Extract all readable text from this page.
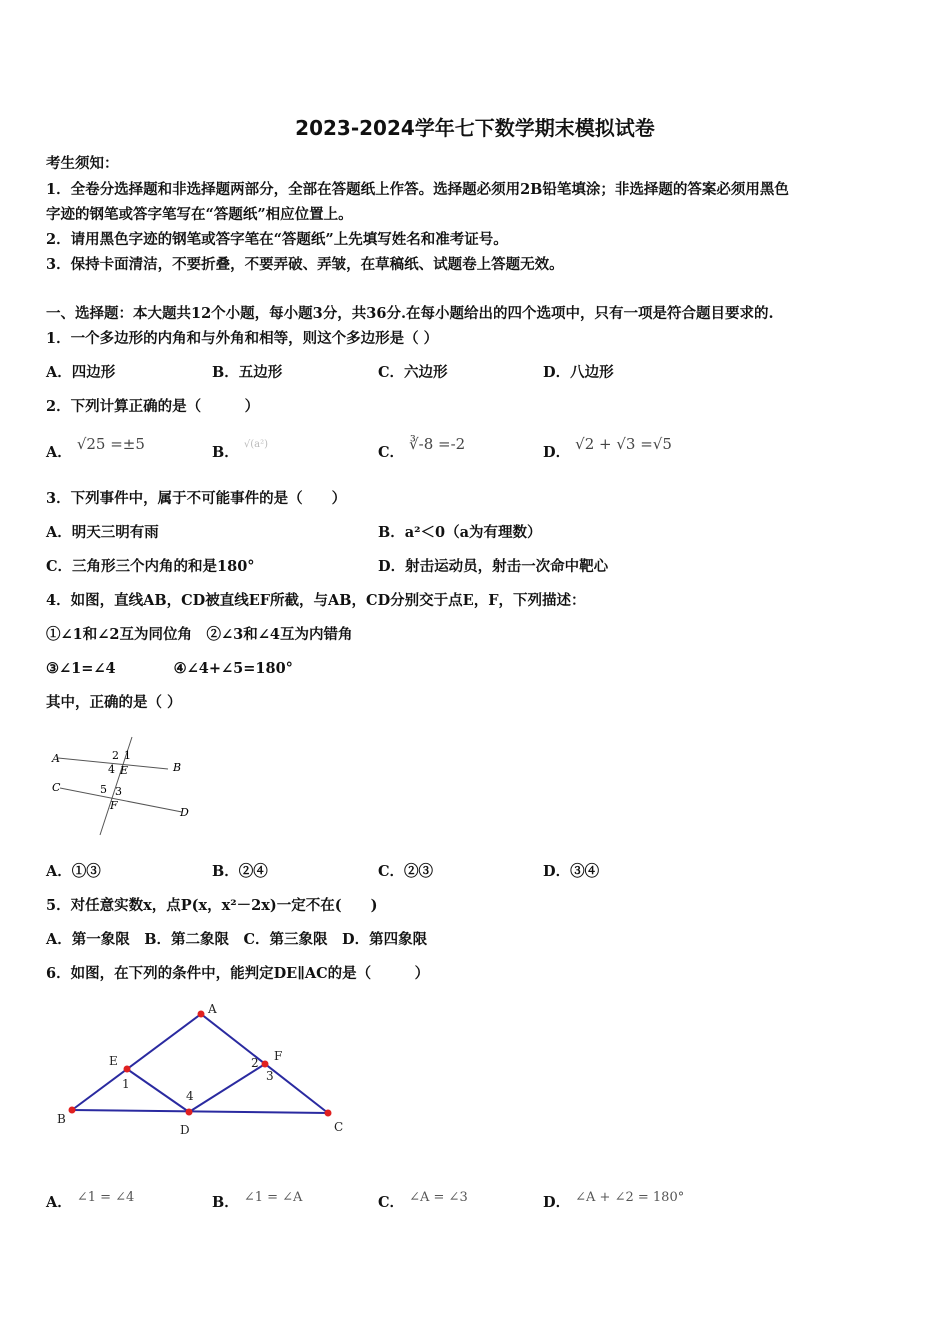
2023-2024学年七下数学期末模拟试卷
考生须知：
1．全卷分选择题和非选择题两部分，全部在答题纸上作答。选择题必须用2B铅笔填涂；非选择题的答案必须用黑色
字迹的钢笔或答字笔写在“答题纸”相应位置上。
2．请用黑色字迹的钢笔或答字笔在“答题纸”上先填写姓名和准考证号。
3．保持卡面清洁，不要折叠，不要弄破、弄皱，在草稿纸、试题卷上答题无效。
一、选择题：本大题共12个小题，每小题3分，共36分.在每小题给出的四个选项中，只有一项是符合题目要求的.
1．一个多边形的内角和与外角和相等，则这个多边形是（ ）
A．四边形	B．五边形	C．六边形	D．八边形
2．下列计算正确的是（　　　）
A． √25 =±5	B． $^{√(a^2)}$	C． ∛-8 =-2	D． √2 + √3 =√5
3．下列事件中，属于不可能事件的是（　　）
A．明天三明有雨	B．a²＜0（a为有理数）
C．三角形三个内角的和是180°	D．射击运动员，射击一次命中靶心
4．如图，直线AB，CD被直线EF所截，与AB，CD分别交于点E，F，下列描述：
①∠1和∠2互为同位角　②∠3和∠4互为内错角
③∠1=∠4　　　　④∠4+∠5=180°
其中，正确的是（ ）
A
B
C
D
E
F
2 1
4
5 3
A．①③	B．②④	C．②③	D．③④
5．对任意实数x，点P(x，x²－2x)一定不在(　　)
A．第一象限　B．第二象限　C．第三象限　D．第四象限
6．如图，在下列的条件中，能判定DE∥AC的是（　　　）
A
B
C
D
E	F
1
2
3
4
A． ∠1 = ∠4	B． ∠1 = ∠A	C． ∠A = ∠3	D． ∠A + ∠2 = 180°
